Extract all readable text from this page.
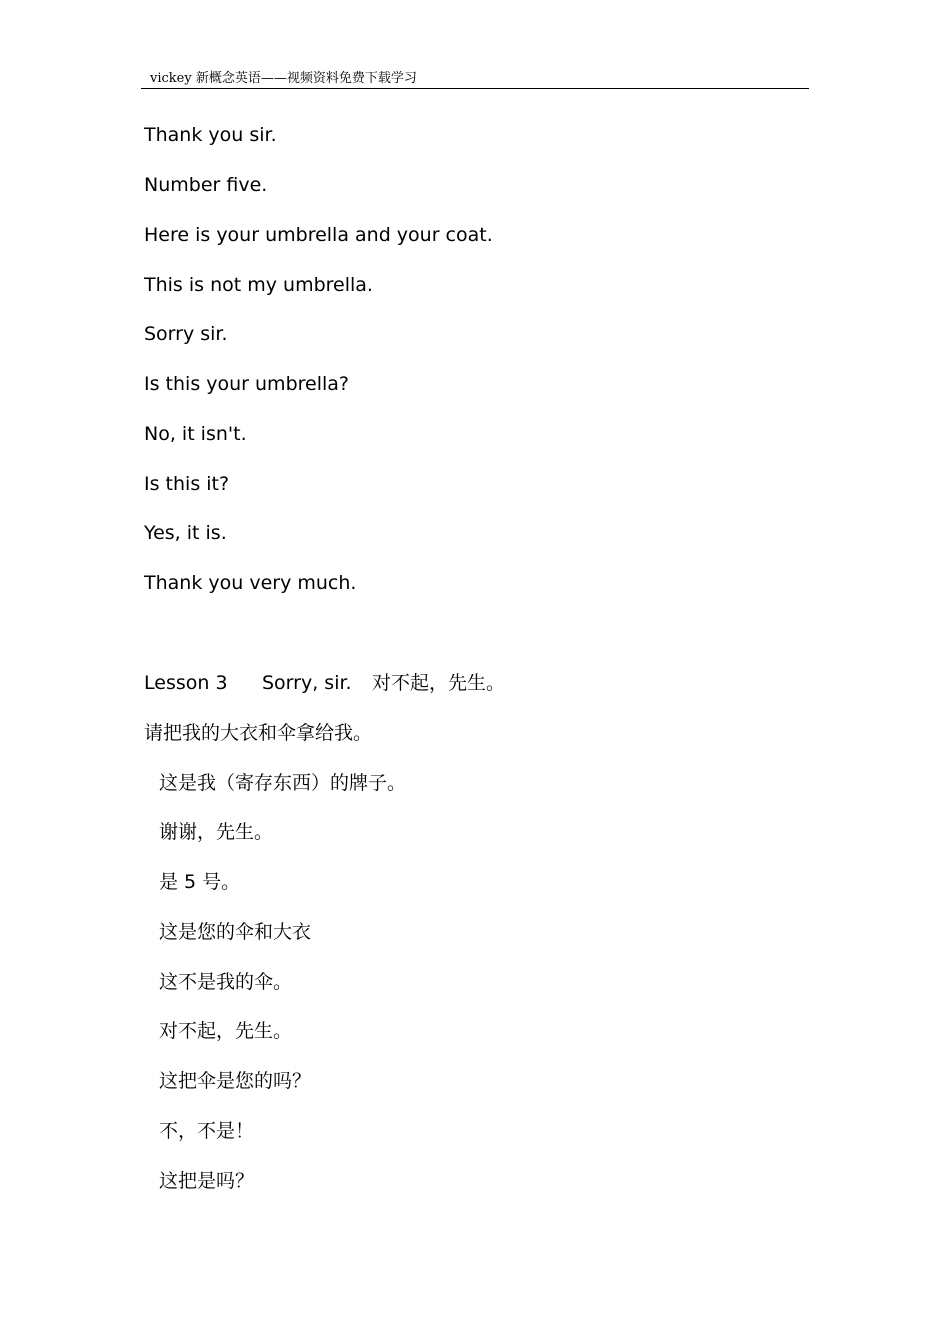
vickey 新概念英语——视频资料免费下载学习
Thank you sir.
Number five.
Here is your umbrella and your coat.
This is not my umbrella.
Sorry sir.
Is this your umbrella?
No, it isn't.
Is this it?
Yes, it is.
Thank you very much.
Lesson 3 Sorry, sir. 对不起，先生。
请把我的大衣和伞拿给我。
这是我（寄存东西）的牌子。
谢谢，先生。
是 5 号。
这是您的伞和大衣
这不是我的伞。
对不起，先生。
这把伞是您的吗？
不，不是！
这把是吗？
